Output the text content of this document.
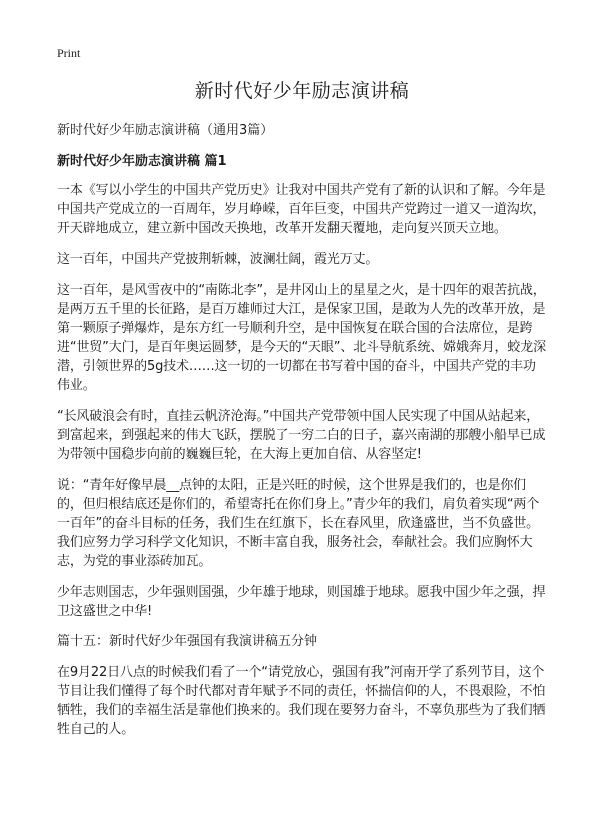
Print
新时代好少年励志演讲稿

新时代好少年励志演讲稿（通用3篇）

新时代好少年励志演讲稿 篇1

一本《写以小学生的中国共产党历史》让我对中国共产党有了新的认识和了解。今年是中国共产党成立的一百周年，岁月峥嵘，百年巨变，中国共产党跨过一道又一道沟坎，开天辟地成立，建立新中国改天换地，改革开发翻天覆地，走向复兴顶天立地。

这一百年，中国共产党披荆斩棘，波澜壮阔，霞光万丈。

这一百年，是风雪夜中的“南陈北李”，是井冈山上的星星之火，是十四年的艰苦抗战，是两万五千里的长征路，是百万雄师过大江，是保家卫国，是敢为人先的改革开放，是第一颗原子弹爆炸，是东方红一号顺利升空，是中国恢复在联合国的合法席位，是跨进“世贸”大门，是百年奥运圆梦，是今天的“天眼”、北斗导航系统、嫦娥奔月，蛟龙深潜，引领世界的5g技术……这一切的一切都在书写着中国的奋斗，中国共产党的丰功伟业。

“长风破浪会有时，直挂云帆济沧海。”中国共产党带领中国人民实现了中国从站起来，到富起来，到强起来的伟大飞跃，摆脱了一穷二白的日子，嘉兴南湖的那艘小船早已成为带领中国稳步向前的巍巍巨轮，在大海上更加自信、从容坚定!

说：“青年好像早晨__点钟的太阳，正是兴旺的时候，这个世界是我们的，也是你们的，但归根结底还是你们的，希望寄托在你们身上。”青少年的我们，肩负着实现“两个一百年”的奋斗目标的任务，我们生在红旗下，长在春风里，欣逢盛世，当不负盛世。我们应努力学习科学文化知识，不断丰富自我，服务社会，奉献社会。我们应胸怀大志，为党的事业添砖加瓦。

少年志则国志，少年强则国强，少年雄于地球，则国雄于地球。愿我中国少年之强，捍卫这盛世之中华!

篇十五：新时代好少年强国有我演讲稿五分钟

在9月22日八点的时候我们看了一个“请党放心，强国有我”河南开学了系列节目，这个节目让我们懂得了每个时代都对青年赋予不同的责任，怀揣信仰的人，不畏艰险，不怕牺牲，我们的幸福生活是靠他们换来的。我们现在要努力奋斗，不辜负那些为了我们牺牲自己的人。
